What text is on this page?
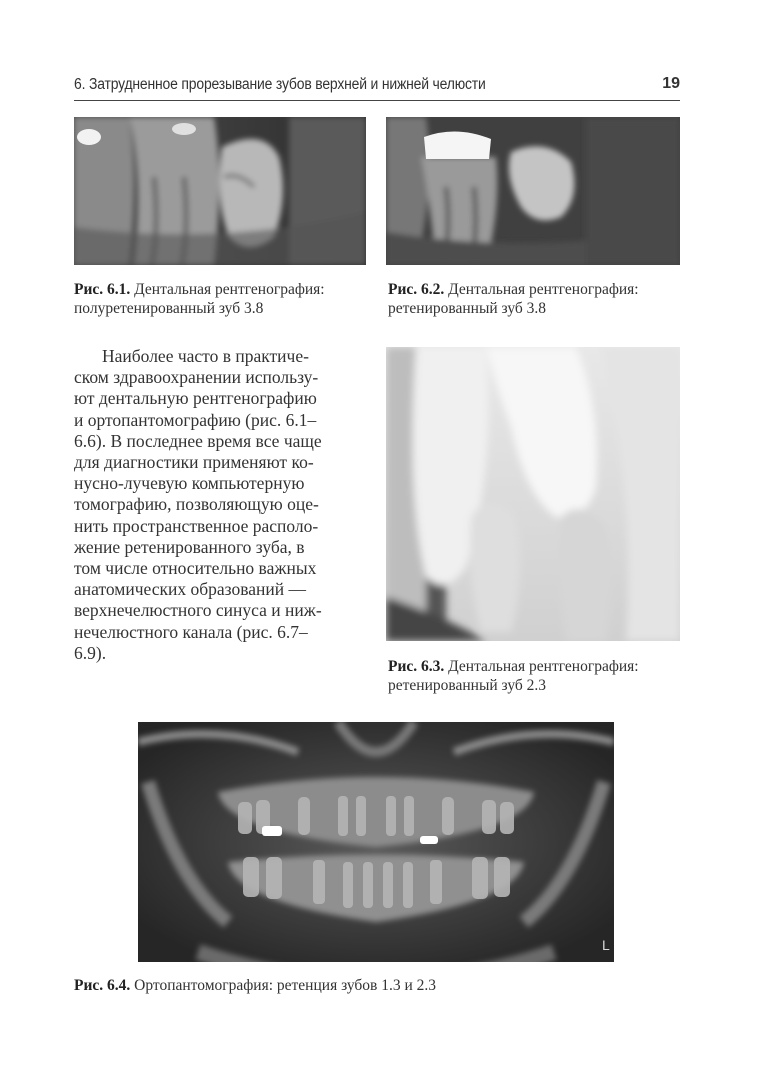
6. Затрудненное прорезывание зубов верхней и нижней челюсти	19
Рис. 6.1. Дентальная рентгенография:
полуретенированный зуб 3.8
Рис. 6.2. Дентальная рентгенография:
ретенированный зуб 3.8
Наиболее часто в практиче-
ском здравоохранении использу-
ют дентальную рентгенографию
и ортопантомографию (рис. 6.1–
6.6). В последнее время все чаще
для диагностики применяют ко-
нусно-лучевую компьютерную
томографию, позволяющую оце-
нить пространственное располо-
жение ретенированного зуба, в
том числе относительно важных
анатомических образований —
верхнечелюстного синуса и ниж-
нечелюстного канала (рис. 6.7–
6.9).
Рис. 6.3. Дентальная рентгенография:
ретенированный зуб 2.3
L
Рис. 6.4. Ортопантомография: ретенция зубов 1.3 и 2.3
